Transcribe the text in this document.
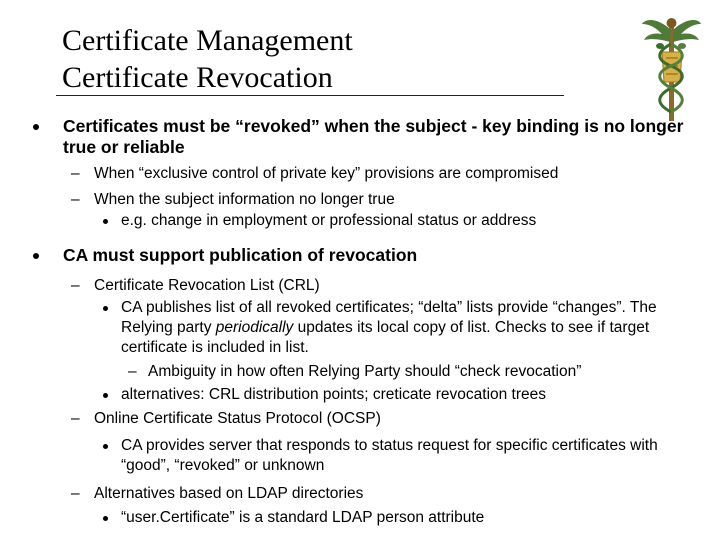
Certificate Management
Certificate Revocation
Certificates must be “revoked” when the subject - key binding is no longer true or reliable
– When “exclusive control of private key” provisions are compromised
– When the subject information no longer true
e.g. change in employment or professional status or address
CA must support publication of revocation
– Certificate Revocation List (CRL)
CA publishes list of all revoked certificates; “delta” lists provide “changes”. The Relying party periodically updates its local copy of list. Checks to see if target certificate is included in list.
– Ambiguity in how often Relying Party should “check revocation”
alternatives: CRL distribution points; creticate revocation trees
– Online Certificate Status Protocol (OCSP)
CA provides server that responds to status request for specific certificates with “good”, “revoked” or unknown
– Alternatives based on LDAP directories
“user.Certificate” is a standard LDAP person attribute
